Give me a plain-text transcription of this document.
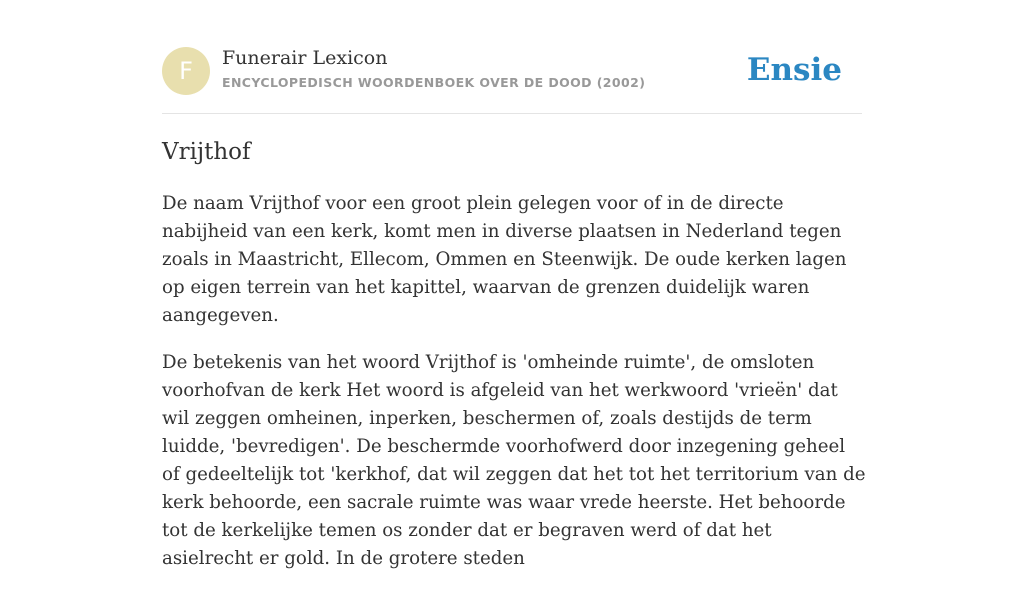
F	Funerair Lexicon
ENCYCLOPEDISCH WOORDENBOEK OVER DE DOOD (2002)	Ensie
Vrijthof

De naam Vrijthof voor een groot plein gelegen voor of in de directe nabijheid van een kerk, komt men in diverse plaatsen in Nederland tegen zoals in Maastricht, Ellecom, Ommen en Steenwijk. De oude kerken lagen op eigen terrein van het kapittel, waarvan de grenzen duidelijk waren aangegeven.

De betekenis van het woord Vrijthof is 'omheinde ruimte', de omsloten voorhofvan de kerk Het woord is afgeleid van het werkwoord 'vrieën' dat wil zeggen omheinen, inperken, beschermen of, zoals destijds de term luidde, 'bevredigen'. De beschermde voorhofwerd door inzegening geheel of gedeeltelijk tot 'kerkhof, dat wil zeggen dat het tot het territorium van de kerk behoorde, een sacrale ruimte was waar vrede heerste. Het behoorde tot de kerkelijke temen os zonder dat er begraven werd of dat het asielrecht er gold. In de grotere steden
